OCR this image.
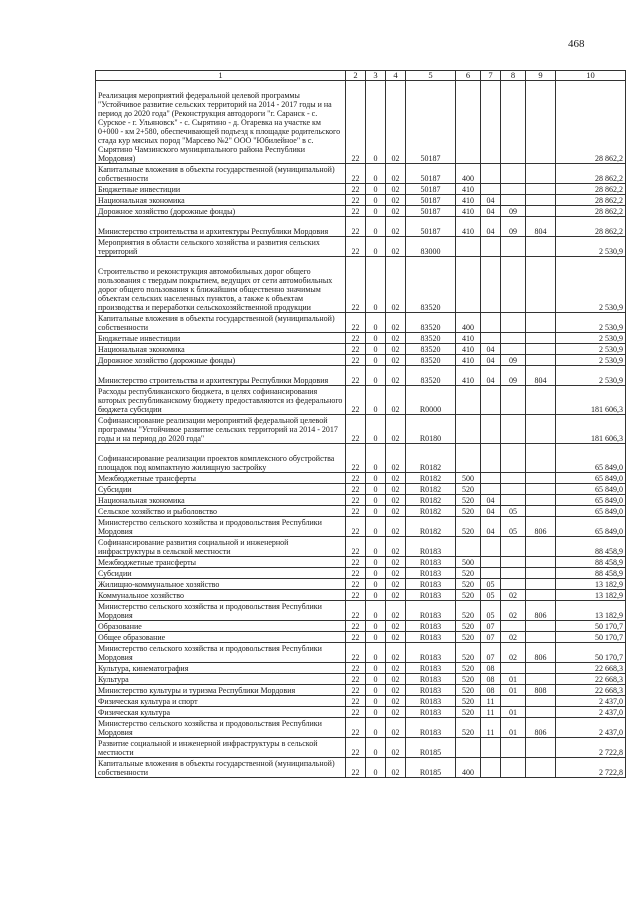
468
1	2	3	4	5	6	7	8	9	10
Реализация мероприятий федеральной целевой программы "Устойчивое развитие сельских территорий на 2014 - 2017 годы и на период до 2020 года" (Реконструкция автодороги "г. Саранск - с. Сурское - г. Ульяновск" - с. Сырятино - д. Огаревка на участке км 0+000 - км 2+580, обеспечивающей подъезд к площадке родительского стада кур мясных пород "Марсево №2" ООО "Юбилейное" в с. Сырятино Чамзинского муниципального района Республики Мордовия)	22	0	02	50187					28 862,2
Капитальные вложения в объекты государственной (муниципальной) собственности	22	0	02	50187	400				28 862,2
Бюджетные инвестиции	22	0	02	50187	410				28 862,2
Национальная экономика	22	0	02	50187	410	04			28 862,2
Дорожное хозяйство (дорожные фонды)	22	0	02	50187	410	04	09		28 862,2
Министерство строительства и архитектуры Республики Мордовия	22	0	02	50187	410	04	09	804	28 862,2
Мероприятия в области сельского хозяйства и развития сельских территорий	22	0	02	83000					2 530,9
Строительство и реконструкция автомобильных дорог общего пользования с твердым покрытием, ведущих от сети автомобильных дорог общего пользования к ближайшим общественно значимым объектам сельских населенных пунктов, а также к объектам производства и переработки сельскохозяйственной продукции	22	0	02	83520					2 530,9
Капитальные вложения в объекты государственной (муниципальной) собственности	22	0	02	83520	400				2 530,9
Бюджетные инвестиции	22	0	02	83520	410				2 530,9
Национальная экономика	22	0	02	83520	410	04			2 530,9
Дорожное хозяйство (дорожные фонды)	22	0	02	83520	410	04	09		2 530,9
Министерство строительства и архитектуры Республики Мордовия	22	0	02	83520	410	04	09	804	2 530,9
Расходы республиканского бюджета, в целях софинансирования которых республиканскому бюджету предоставляются из федерального бюджета субсидии	22	0	02	R0000					181 606,3
Софинансирование реализации мероприятий федеральной целевой программы "Устойчивое развитие сельских территорий на 2014 - 2017 годы и на период до 2020 года"	22	0	02	R0180					181 606,3
Софинансирование реализации проектов комплексного обустройства площадок под компактную жилищную застройку	22	0	02	R0182					65 849,0
Межбюджетные трансферты	22	0	02	R0182	500				65 849,0
Субсидии	22	0	02	R0182	520				65 849,0
Национальная экономика	22	0	02	R0182	520	04			65 849,0
Сельское хозяйство и рыболовство	22	0	02	R0182	520	04	05		65 849,0
Министерство сельского хозяйства и продовольствия Республики Мордовия	22	0	02	R0182	520	04	05	806	65 849,0
Софинансирование развития социальной и инженерной инфраструктуры в сельской местности	22	0	02	R0183					88 458,9
Межбюджетные трансферты	22	0	02	R0183	500				88 458,9
Субсидии	22	0	02	R0183	520				88 458,9
Жилищно-коммунальное хозяйство	22	0	02	R0183	520	05			13 182,9
Коммунальное хозяйство	22	0	02	R0183	520	05	02		13 182,9
Министерство сельского хозяйства и продовольствия Республики Мордовия	22	0	02	R0183	520	05	02	806	13 182,9
Образование	22	0	02	R0183	520	07			50 170,7
Общее образование	22	0	02	R0183	520	07	02		50 170,7
Министерство сельского хозяйства и продовольствия Республики Мордовия	22	0	02	R0183	520	07	02	806	50 170,7
Культура, кинематография	22	0	02	R0183	520	08			22 668,3
Культура	22	0	02	R0183	520	08	01		22 668,3
Министерство культуры и туризма Республики Мордовия	22	0	02	R0183	520	08	01	808	22 668,3
Физическая культура и спорт	22	0	02	R0183	520	11			2 437,0
Физическая культура	22	0	02	R0183	520	11	01		2 437,0
Министерство сельского хозяйства и продовольствия Республики Мордовия	22	0	02	R0183	520	11	01	806	2 437,0
Развитие социальной и инженерной инфраструктуры в сельской местности	22	0	02	R0185					2 722,8
Капитальные вложения в объекты государственной (муниципальной) собственности	22	0	02	R0185	400				2 722,8
